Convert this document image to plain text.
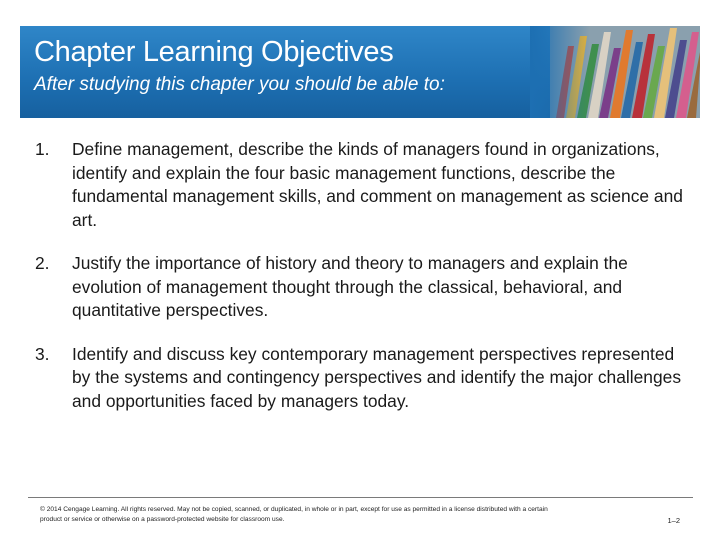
Chapter Learning Objectives

After studying this chapter you should be able to:

1. Define management, describe the kinds of managers found in organizations, identify and explain the four basic management functions, describe the fundamental management skills, and comment on management as science and art.
2. Justify the importance of history and theory to managers and explain the evolution of management thought through the classical, behavioral, and quantitative perspectives.
3. Identify and discuss key contemporary management perspectives represented by the systems and contingency perspectives and identify the major challenges and opportunities faced by managers today.
© 2014 Cengage Learning. All rights reserved. May not be copied, scanned, or duplicated, in whole or in part, except for use as permitted in a license distributed with a certain product or service or otherwise on a password-protected website for classroom use.	1–2
